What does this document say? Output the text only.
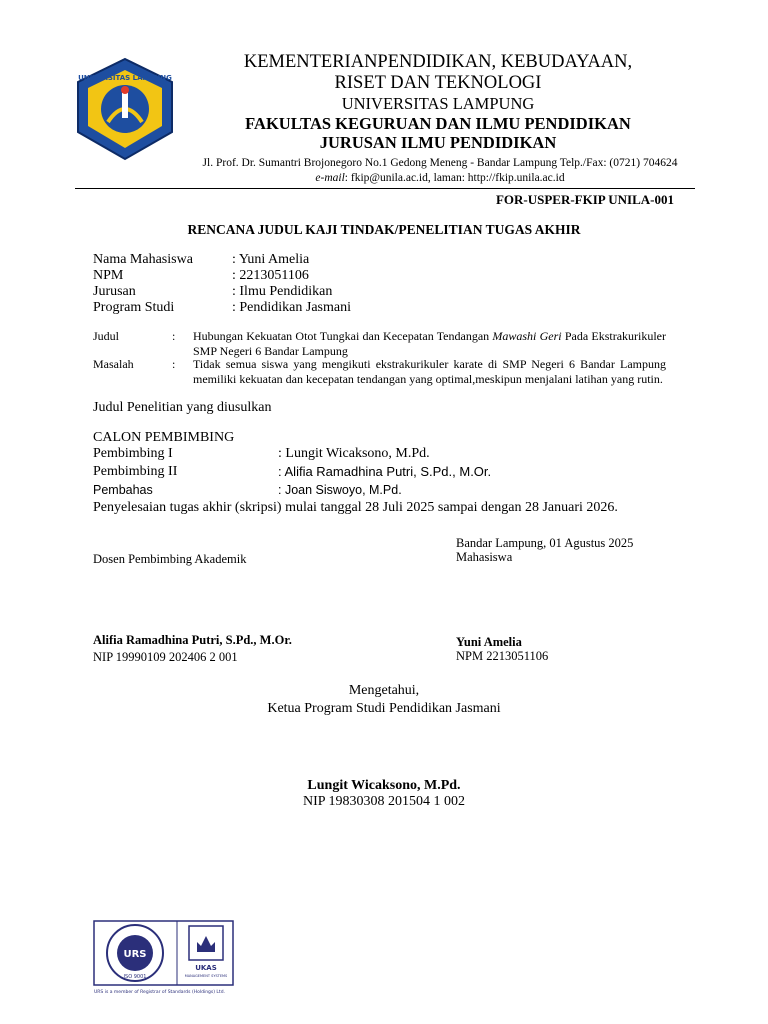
UNIVERSITAS LAMPUNG
KEMENTERIANPENDIDIKAN, KEBUDAYAAN,
RISET DAN TEKNOLOGI
UNIVERSITAS LAMPUNG
FAKULTAS KEGURUAN DAN ILMU PENDIDIKAN
JURUSAN ILMU PENDIDIKAN
Jl. Prof. Dr. Sumantri Brojonegoro No.1 Gedong Meneng - Bandar Lampung Telp./Fax: (0721) 704624
e-mail: fkip@unila.ac.id, laman: http://fkip.unila.ac.id
FOR-USPER-FKIP UNILA-001
RENCANA JUDUL KAJI TINDAK/PENELITIAN TUGAS AKHIR
Nama Mahasiswa	: Yuni Amelia
NPM	: 2213051106
Jurusan	: Ilmu Pendidikan
Program Studi	: Pendidikan Jasmani
Judul	: Hubungan Kekuatan Otot Tungkai dan Kecepatan Tendangan Mawashi Geri Pada Ekstrakurikuler SMP Negeri 6 Bandar Lampung
Masalah	: Tidak semua siswa yang mengikuti ekstrakurikuler karate di SMP Negeri 6 Bandar Lampung memiliki kekuatan dan kecepatan tendangan yang optimal,meskipun menjalani latihan yang rutin.
Judul Penelitian yang diusulkan
CALON PEMBIMBING
Pembimbing I	: Lungit Wicaksono, M.Pd.
Pembimbing II	: Alifia Ramadhina Putri, S.Pd., M.Or.
Pembahas	: Joan Siswoyo, M.Pd.
Penyelesaian tugas akhir (skripsi) mulai tanggal 28 Juli 2025 sampai dengan 28 Januari 2026.
Bandar Lampung, 01 Agustus 2025
Mahasiswa
Dosen Pembimbing Akademik
Alifia Ramadhina Putri, S.Pd., M.Or.
NIP 19990109 202406 2 001
Yuni Amelia
NPM 2213051106
Mengetahui,
Ketua Program Studi Pendidikan Jasmani
Lungit Wicaksono, M.Pd.
NIP 19830308 201504 1 002
URS
ISO 9001
UKAS
MANAGEMENT SYSTEMS
URS is a member of Registrar of Standards (Holdings) Ltd.
